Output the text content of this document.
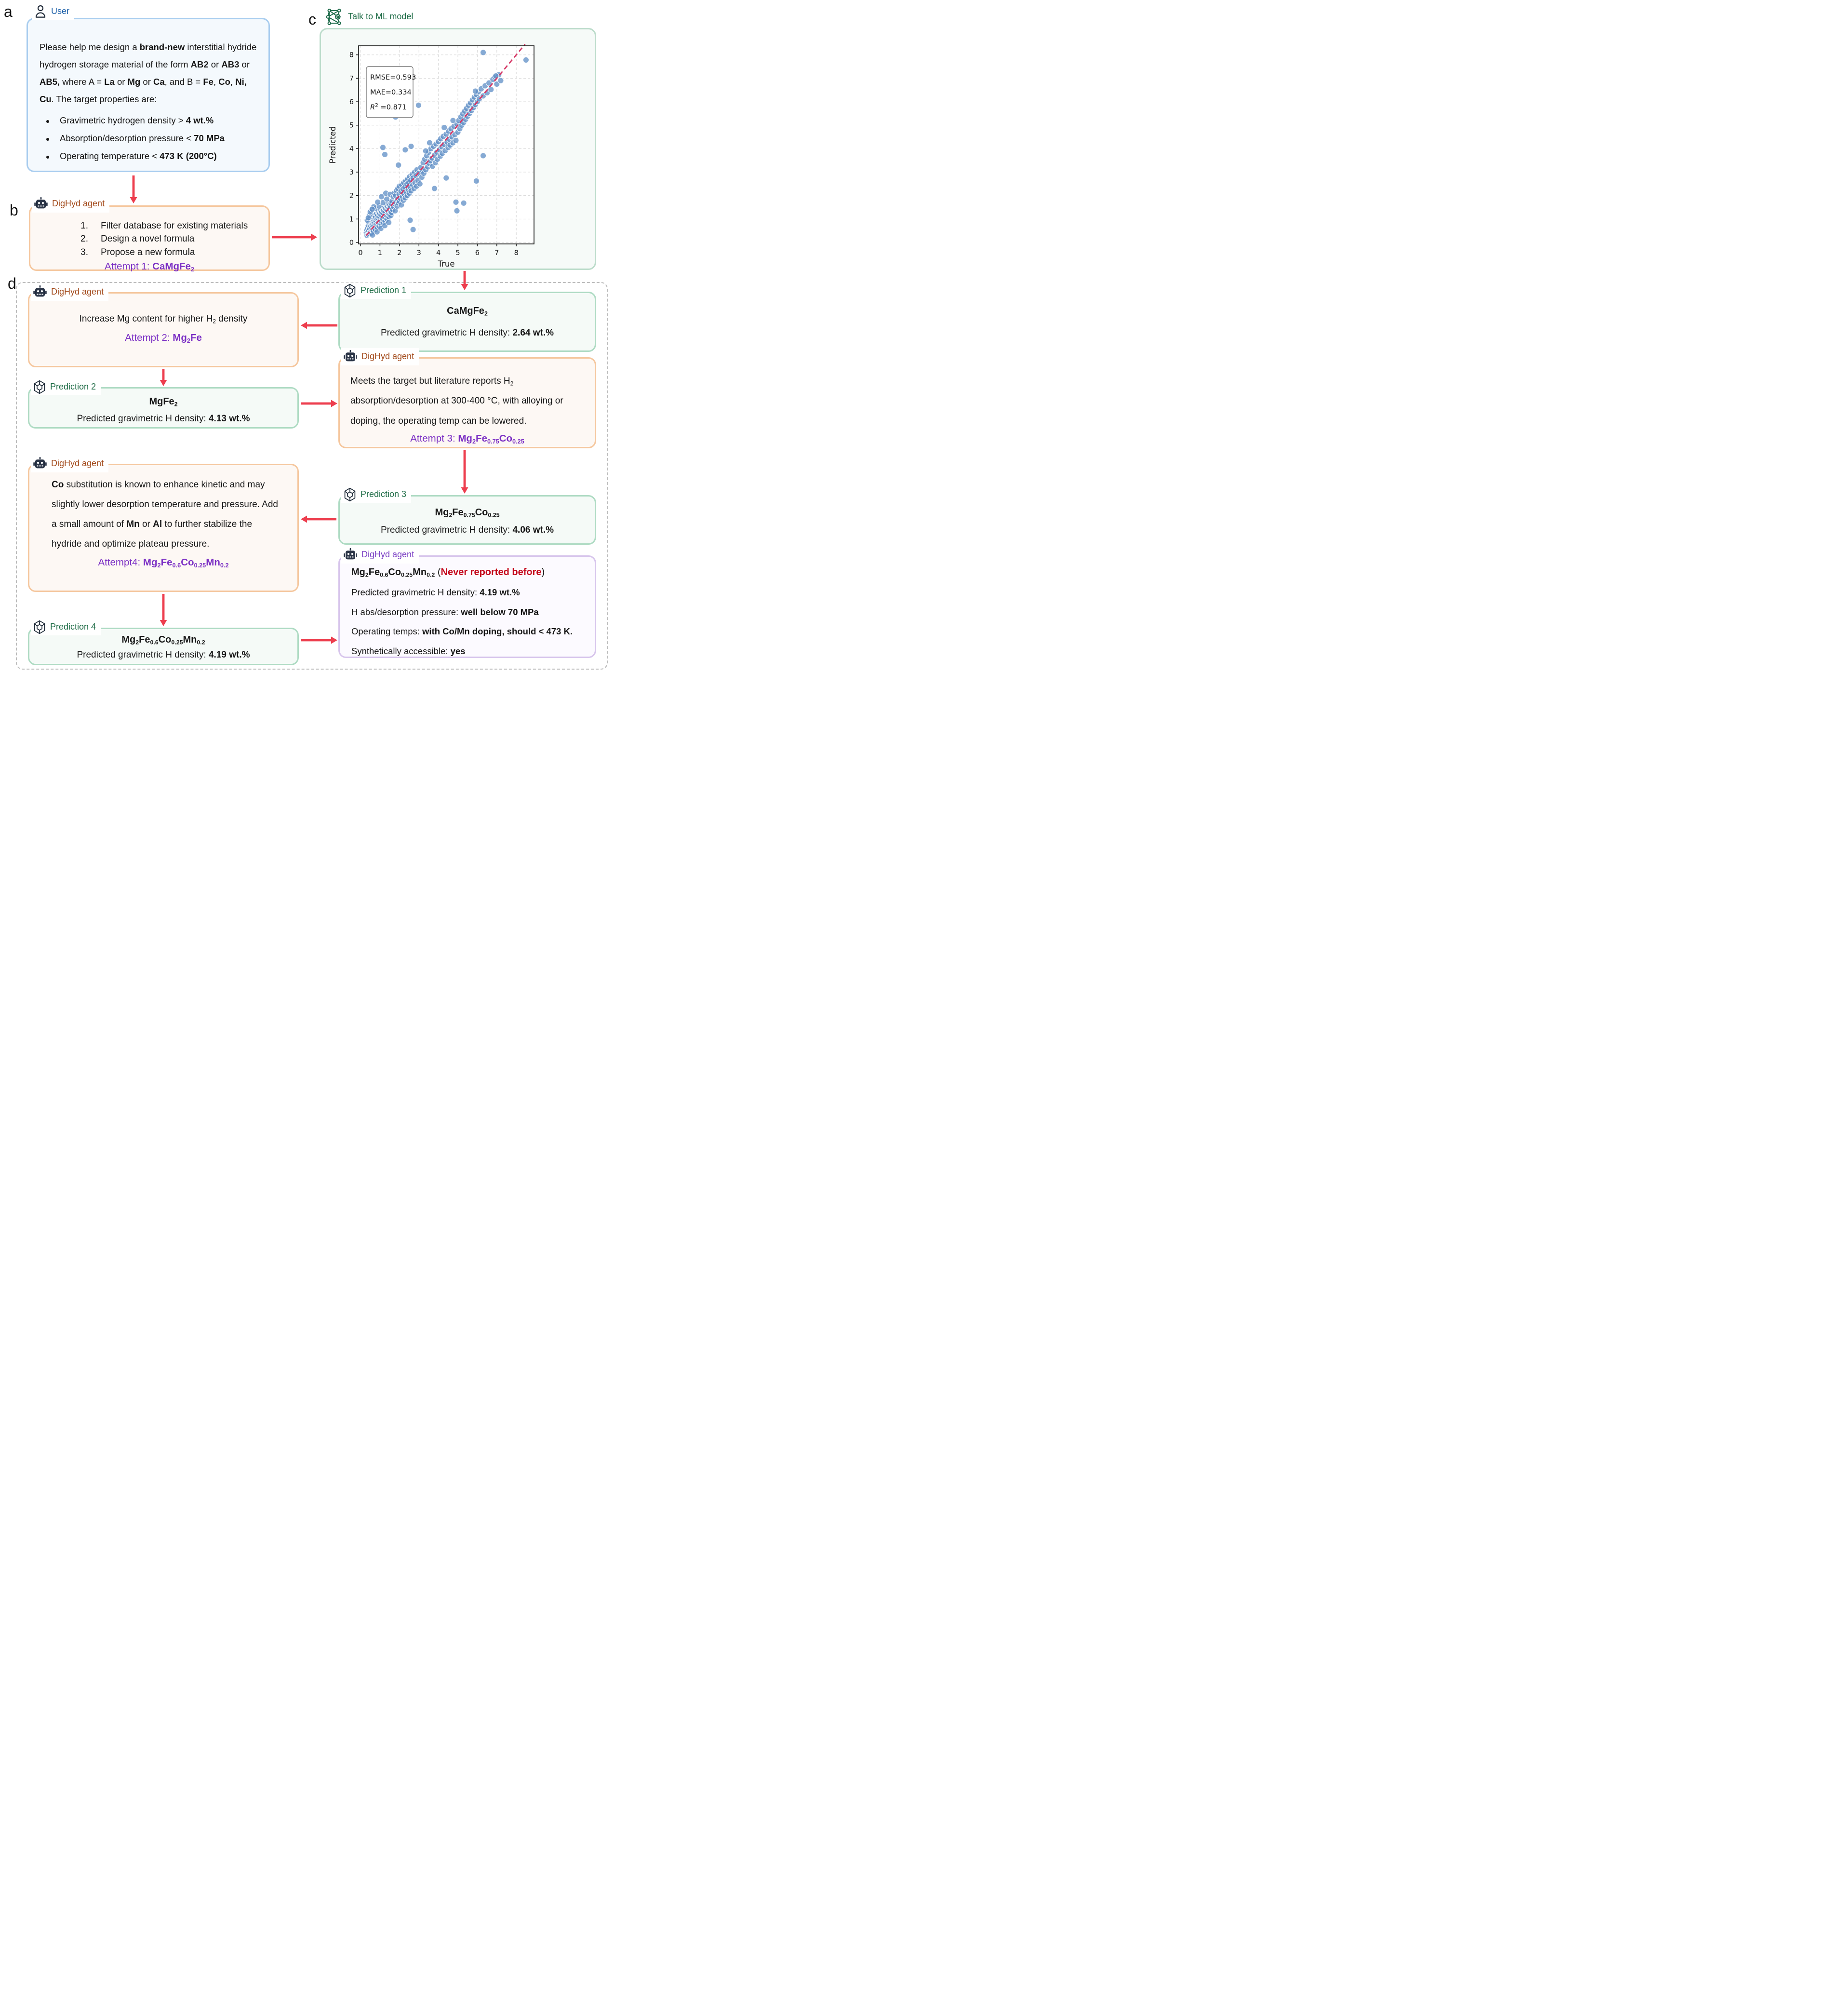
a
b
c
d
Please help me design a brand-new interstitial hydride hydrogen storage material of the form AB2 or AB3 or AB5, where A = La or Mg or Ca, and B = Fe, Co, Ni, Cu. The target properties are:
Gravimetric hydrogen density > 4 wt.%
Absorption/desorption pressure < 70 MPa
Operating temperature < 473 K (200°C)
User
1. Filter database for existing materials
2. Design a novel formula
3. Propose a new formula
Attempt 1: CaMgFe$_2$
DigHyd agent
0 1 2 3 4 5 6 7 8
0
1
2
3
4
5
6
7
8
True
Predicted
RMSE=0.593
MAE=0.334
$R^2 =0.871$
Talk to ML model
Increase Mg content for higher $H_2$ density
Attempt 2: $Mg_2Fe$
DigHyd agent
MgFe$_2$
Predicted gravimetric H density: 4.13 wt.%
Prediction 2
Co substitution is known to enhance kinetic and may slightly lower desorption temperature and pressure. Add a small amount of Mn or Al to further stabilize the hydride and optimize plateau pressure.
Attempt4: $Mg_2Fe_{0.6}Co_{0.25}Mn_{0.2}$
DigHyd agent
$Mg_2Fe_{0.6}Co_{0.25}Mn_{0.2}$
Predicted gravimetric H density: 4.19 wt.%
Prediction 4
CaMgFe$_2$
Predicted gravimetric H density: 2.64 wt.%
Prediction 1
Meets the target but literature reports $H_2$ absorption/desorption at 300-400 °C, with alloying or doping, the operating temp can be lowered.
Attempt 3: $Mg_2Fe_{0.75}Co_{0.25}$
DigHyd agent
$Mg_2Fe_{0.75}Co_{0.25}$
Predicted gravimetric H density: 4.06 wt.%
Prediction 3
$Mg_2Fe_{0.6}Co_{0.25}Mn_{0.2}$ (Never reported before)
Predicted gravimetric H density: 4.19 wt.%
H abs/desorption pressure: well below 70 MPa
Operating temps: with Co/Mn doping, should < 473 K.
Synthetically accessible: yes
DigHyd agent
